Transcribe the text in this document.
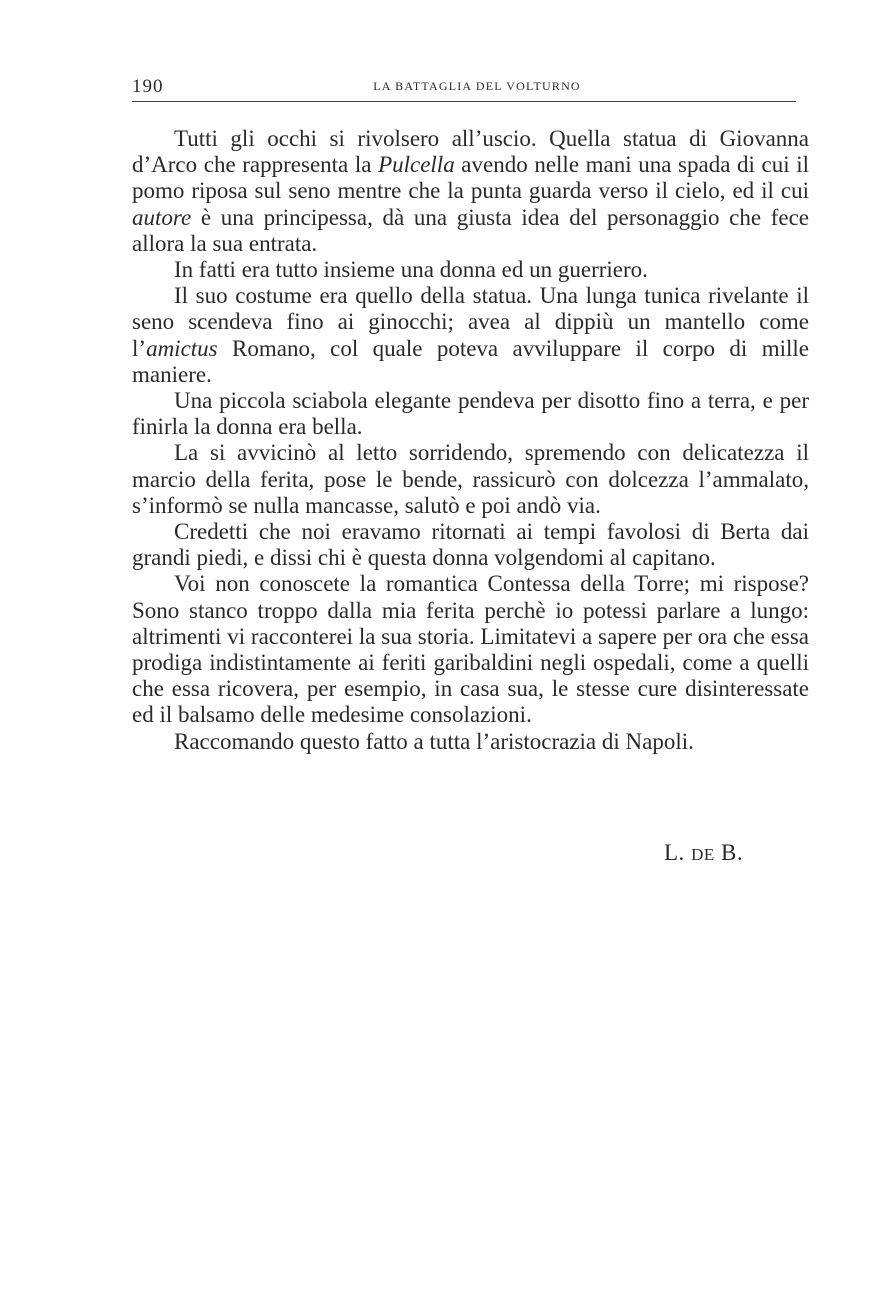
190	LA BATTAGLIA DEL VOLTURNO

Tutti gli occhi si rivolsero all’uscio. Quella statua di Giovanna d’Arco che rappresenta la Pulcella avendo nelle mani una spada di cui il pomo riposa sul seno mentre che la punta guarda verso il cielo, ed il cui autore è una principessa, dà una giusta idea del personaggio che fece allora la sua entrata.

In fatti era tutto insieme una donna ed un guerriero.

Il suo costume era quello della statua. Una lunga tunica rivelante il seno scendeva fino ai ginocchi; avea al dippiù un mantello come l’amictus Romano, col quale poteva avviluppare il corpo di mille maniere.

Una piccola sciabola elegante pendeva per disotto fino a terra, e per finirla la donna era bella.

La si avvicinò al letto sorridendo, spremendo con delicatezza il marcio della ferita, pose le bende, rassicurò con dolcezza l’ammalato, s’informò se nulla mancasse, salutò e poi andò via.

Credetti che noi eravamo ritornati ai tempi favolosi di Berta dai grandi piedi, e dissi chi è questa donna volgendomi al capitano.

Voi non conoscete la romantica Contessa della Torre; mi rispose? Sono stanco troppo dalla mia ferita perchè io potessi parlare a lungo: altrimenti vi racconterei la sua storia. Limitatevi a sapere per ora che essa prodiga indistintamente ai feriti garibaldini negli ospedali, come a quelli che essa ricovera, per esempio, in casa sua, le stesse cure disinteressate ed il balsamo delle medesime consolazioni.

Raccomando questo fatto a tutta l’aristocrazia di Napoli.

L. DE B.
